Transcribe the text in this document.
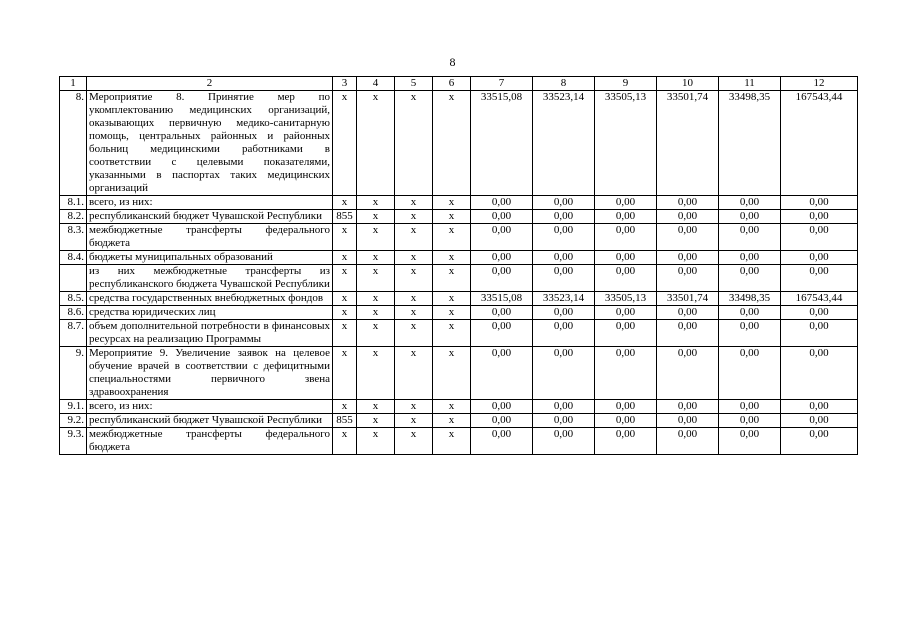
8
1	2	3	4	5	6	7	8	9	10	11	12
8.	Мероприятие 8. Принятие мер по укомплектованию медицинских организаций, оказывающих первичную медико-санитарную помощь, центральных районных и районных больниц медицинскими работниками в соответствии с целевыми показателями, указанными в паспортах таких медицинских организаций	x	x	x	x	33515,08	33523,14	33505,13	33501,74	33498,35	167543,44
8.1.	всего, из них:	x	x	x	x	0,00	0,00	0,00	0,00	0,00	0,00
8.2.	республиканский бюджет Чувашской Республики	855	x	x	x	0,00	0,00	0,00	0,00	0,00	0,00
8.3.	межбюджетные трансферты федерального бюджета	x	x	x	x	0,00	0,00	0,00	0,00	0,00	0,00
8.4.	бюджеты муниципальных образований	x	x	x	x	0,00	0,00	0,00	0,00	0,00	0,00
	из них межбюджетные трансферты из республиканского бюджета Чувашской Республики	x	x	x	x	0,00	0,00	0,00	0,00	0,00	0,00
8.5.	средства государственных внебюджетных фондов	x	x	x	x	33515,08	33523,14	33505,13	33501,74	33498,35	167543,44
8.6.	средства юридических лиц	x	x	x	x	0,00	0,00	0,00	0,00	0,00	0,00
8.7.	объем дополнительной потребности в финансовых ресурсах на реализацию Программы	x	x	x	x	0,00	0,00	0,00	0,00	0,00	0,00
9.	Мероприятие 9. Увеличение заявок на целевое обучение врачей в соответствии с дефицитными специальностями первичного звена здравоохранения	x	x	x	x	0,00	0,00	0,00	0,00	0,00	0,00
9.1.	всего, из них:	x	x	x	x	0,00	0,00	0,00	0,00	0,00	0,00
9.2.	республиканский бюджет Чувашской Республики	855	x	x	x	0,00	0,00	0,00	0,00	0,00	0,00
9.3.	межбюджетные трансферты федерального бюджета	x	x	x	x	0,00	0,00	0,00	0,00	0,00	0,00
